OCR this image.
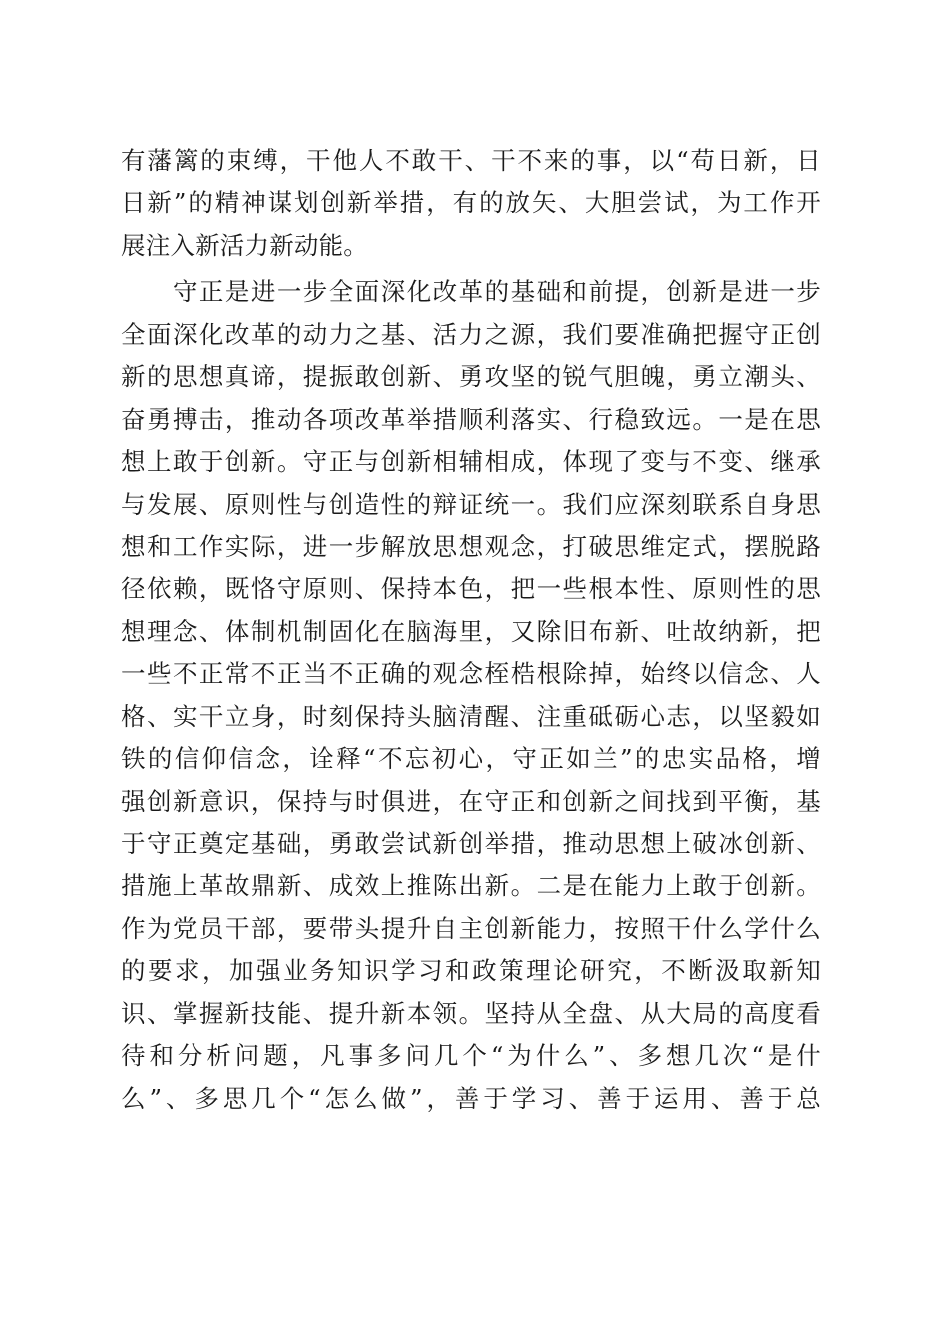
有藩篱的束缚，干他人不敢干、干不来的事，以“苟日新，日
日新”的精神谋划创新举措，有的放矢、大胆尝试，为工作开
展注入新活力新动能。
　　守正是进一步全面深化改革的基础和前提，创新是进一步
全面深化改革的动力之基、活力之源，我们要准确把握守正创
新的思想真谛，提振敢创新、勇攻坚的锐气胆魄，勇立潮头、
奋勇搏击，推动各项改革举措顺利落实、行稳致远。一是在思
想上敢于创新。守正与创新相辅相成，体现了变与不变、继承
与发展、原则性与创造性的辩证统一。我们应深刻联系自身思
想和工作实际，进一步解放思想观念，打破思维定式，摆脱路
径依赖，既恪守原则、保持本色，把一些根本性、原则性的思
想理念、体制机制固化在脑海里，又除旧布新、吐故纳新，把
一些不正常不正当不正确的观念桎梏根除掉，始终以信念、人
格、实干立身，时刻保持头脑清醒、注重砥砺心志，以坚毅如
铁的信仰信念，诠释“不忘初心，守正如兰”的忠实品格，增
强创新意识，保持与时俱进，在守正和创新之间找到平衡，基
于守正奠定基础，勇敢尝试新创举措，推动思想上破冰创新、
措施上革故鼎新、成效上推陈出新。二是在能力上敢于创新。
作为党员干部，要带头提升自主创新能力，按照干什么学什么
的要求，加强业务知识学习和政策理论研究，不断汲取新知
识、掌握新技能、提升新本领。坚持从全盘、从大局的高度看
待和分析问题，凡事多问几个“为什么”、多想几次“是什
么”、多思几个“怎么做”，善于学习、善于运用、善于总
